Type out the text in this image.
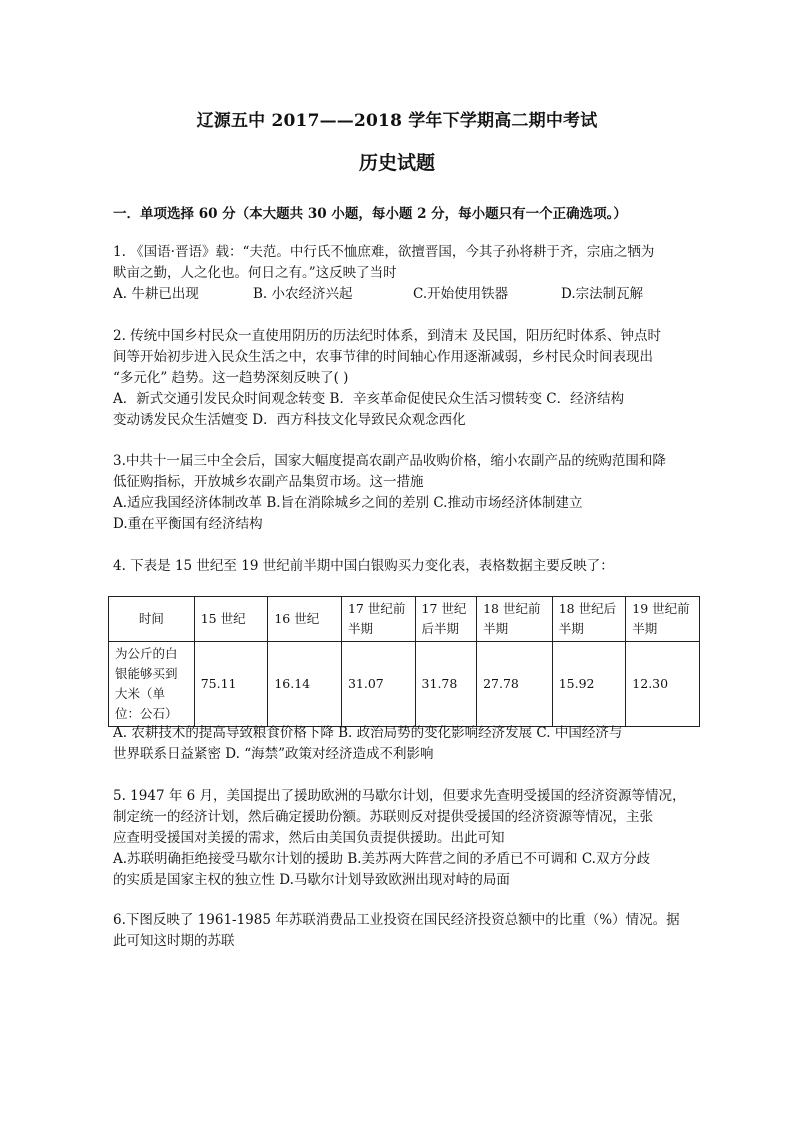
辽源五中 2017——2018 学年下学期高二期中考试
历史试题
一．单项选择 60 分（本大题共 30 小题，每小题 2 分，每小题只有一个正确选项。）

1. 《国语·晋语》载：“夫范。中行氏不恤庶难，欲擅晋国，今其子孙将耕于齐，宗庙之牺为

畎亩之勤，人之化也。何日之有。”这反映了当时

A. 牛耕已出现	B. 小农经济兴起	C.开始使用铁器	D.宗法制瓦解

2. 传统中国乡村民众一直使用阴历的历法纪时体系，到清末 及民国，阳历纪时体系、钟点时

间等开始初步进入民众生活之中，农事节律的时间轴心作用逐渐减弱，乡村民众时间表现出

“多元化” 趋势。这一趋势深刻反映了( )

A．新式交通引发民众时间观念转变 B．辛亥革命促使民众生活习惯转变 C．经济结构

变动诱发民众生活嬗变 D．西方科技文化导致民众观念西化

3.中共十一届三中全会后，国家大幅度提高农副产品收购价格，缩小农副产品的统购范围和降

低征购指标，开放城乡农副产品集贸市场。这一措施

A.适应我国经济体制改革 B.旨在消除城乡之间的差别 C.推动市场经济体制建立

D.重在平衡国有经济结构

4. 下表是 15 世纪至 19 世纪前半期中国白银购买力变化表，表格数据主要反映了：

时间	15 世纪	16 世纪	17 世纪前半期	17 世纪后半期	18 世纪前半期	18 世纪后半期	19 世纪前半期
为公斤的白银能够买到大米（单位：公石）	75.11	16.14	31.07	31.78	27.78	15.92	12.30

A. 农耕技术的提高导致粮食价格下降 B. 政治局势的变化影响经济发展 C. 中国经济与

世界联系日益紧密 D. “海禁”政策对经济造成不利影响

5. 1947 年 6 月，美国提出了援助欧洲的马歇尔计划，但要求先查明受援国的经济资源等情况，

制定统一的经济计划，然后确定援助份额。苏联则反对提供受援国的经济资源等情况，主张

应查明受援国对美援的需求，然后由美国负责提供援助。出此可知

A.苏联明确拒绝接受马歇尔计划的援助 B.美苏两大阵营之间的矛盾已不可调和 C.双方分歧

的实质是国家主权的独立性 D.马歇尔计划导致欧洲出现对峙的局面

6.下图反映了 1961-1985 年苏联消费品工业投资在国民经济投资总额中的比重（%）情况。据

此可知这时期的苏联
